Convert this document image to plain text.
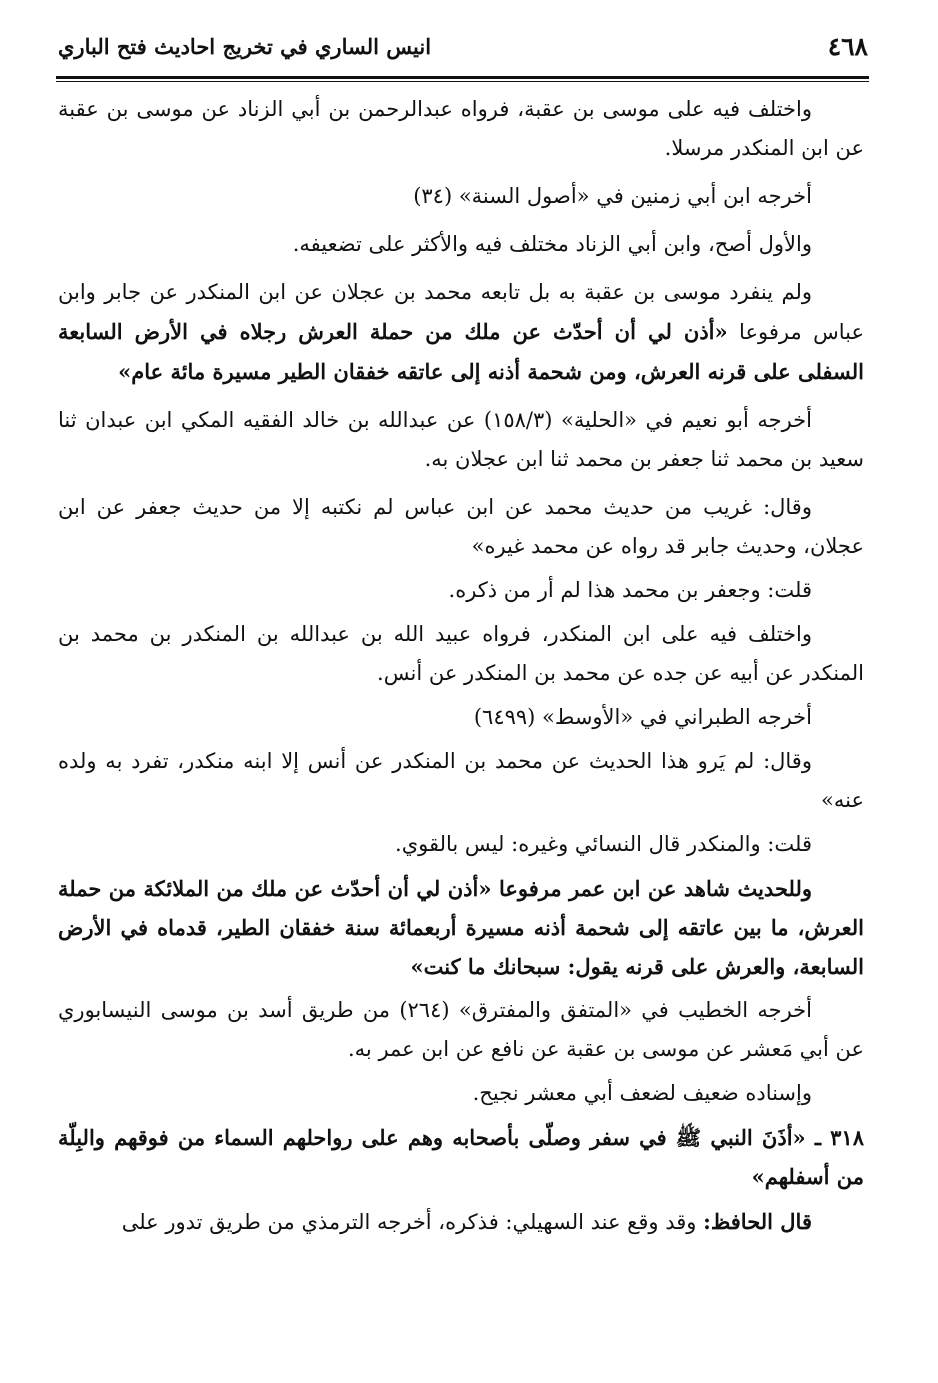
٤٦٨
انيس الساري في تخريج احاديث فتح الباري

واختلف فيه على موسى بن عقبة، فرواه عبدالرحمن بن أبي الزناد عن موسى بن عقبة عن ابن المنكدر مرسلا.

أخرجه ابن أبي زمنين في «أصول السنة» (٣٤)

والأول أصح، وابن أبي الزناد مختلف فيه والأكثر على تضعيفه.

ولم ينفرد موسى بن عقبة به بل تابعه محمد بن عجلان عن ابن المنكدر عن جابر وابن عباس مرفوعا «أذن لي أن أحدّث عن ملك من حملة العرش رجلاه في الأرض السابعة السفلى على قرنه العرش، ومن شحمة أذنه إلى عاتقه خفقان الطير مسيرة مائة عام»

أخرجه أبو نعيم في «الحلية» (١٥٨/٣) عن عبدالله بن خالد الفقيه المكي ابن عبدان ثنا سعيد بن محمد ثنا جعفر بن محمد ثنا ابن عجلان به.

وقال: غريب من حديث محمد عن ابن عباس لم نكتبه إلا من حديث جعفر عن ابن عجلان، وحديث جابر قد رواه عن محمد غيره»

قلت: وجعفر بن محمد هذا لم أر من ذكره.

واختلف فيه على ابن المنكدر، فرواه عبيد الله بن عبدالله بن المنكدر بن محمد بن المنكدر عن أبيه عن جده عن محمد بن المنكدر عن أنس.

أخرجه الطبراني في «الأوسط» (٦٤٩٩)

وقال: لم يَرو هذا الحديث عن محمد بن المنكدر عن أنس إلا ابنه منكدر، تفرد به ولده عنه»

قلت: والمنكدر قال النسائي وغيره: ليس بالقوي.

وللحديث شاهد عن ابن عمر مرفوعا «أذن لي أن أحدّث عن ملك من الملائكة من حملة العرش، ما بين عاتقه إلى شحمة أذنه مسيرة أربعمائة سنة خفقان الطير، قدماه في الأرض السابعة، والعرش على قرنه يقول: سبحانك ما كنت»

أخرجه الخطيب في «المتفق والمفترق» (٢٦٤) من طريق أسد بن موسى النيسابوري عن أبي مَعشر عن موسى بن عقبة عن نافع عن ابن عمر به.

وإسناده ضعيف لضعف أبي معشر نجيح.

٣١٨ ـ «أذَنَ النبي ﷺ في سفر وصلّى بأصحابه وهم على رواحلهم السماء من فوقهم والبِلّة من أسفلهم»

قال الحافظ: وقد وقع عند السهيلي: فذكره، أخرجه الترمذي من طريق تدور على
